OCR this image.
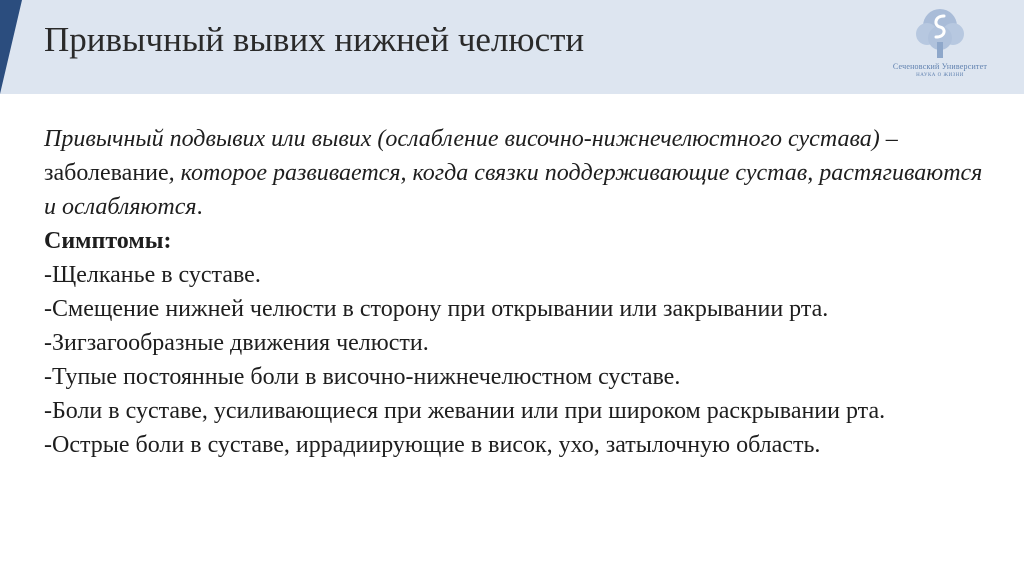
Привычный вывих нижней челюсти
Сеченовский Университет
НАУКА О ЖИЗНИ

Привычный подвывих или вывих (ослабление височно-нижнечелюстного сустава) – заболевание, которое развивается, когда связки поддерживающие сустав, растягиваются и ослабляются.

Симптомы:

-Щелканье в суставе.

-Смещение нижней челюсти в сторону при открывании или закрывании рта.

-Зигзагообразные движения челюсти.

-Тупые постоянные боли в височно-нижнечелюстном суставе.

-Боли в суставе, усиливающиеся при жевании или при широком раскрывании рта.

-Острые боли в суставе, иррадиирующие в висок, ухо, затылочную область.
